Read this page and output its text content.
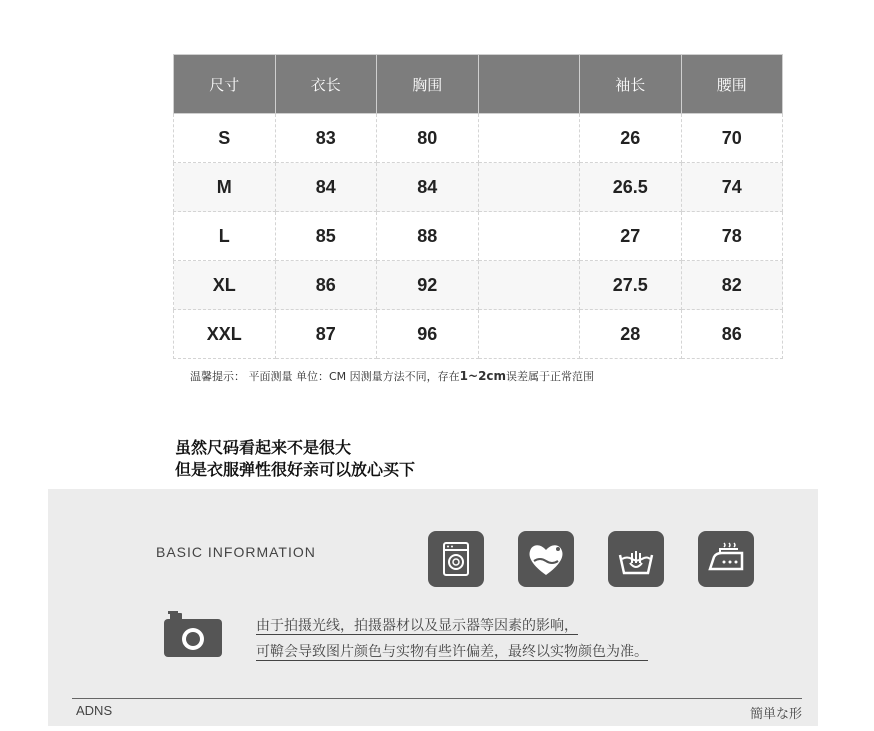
尺寸	衣长	胸围		袖长	腰围
S	83	80		26	70
M	84	84		26.5	74
L	85	88		27	78
XL	86	92		27.5	82
XXL	87	96		28	86
温馨提示： 平面测量 单位：CM 因测量方法不同，存在1~2cm误差属于正常范围
虽然尺码看起来不是很大
但是衣服弹性很好亲可以放心买下
BASIC INFORMATION
由于拍摄光线，拍摄器材以及显示器等因素的影响，
可鞥会导致图片颜色与实物有些许偏差，最终以实物颜色为准。
ADNS	簡単な形
